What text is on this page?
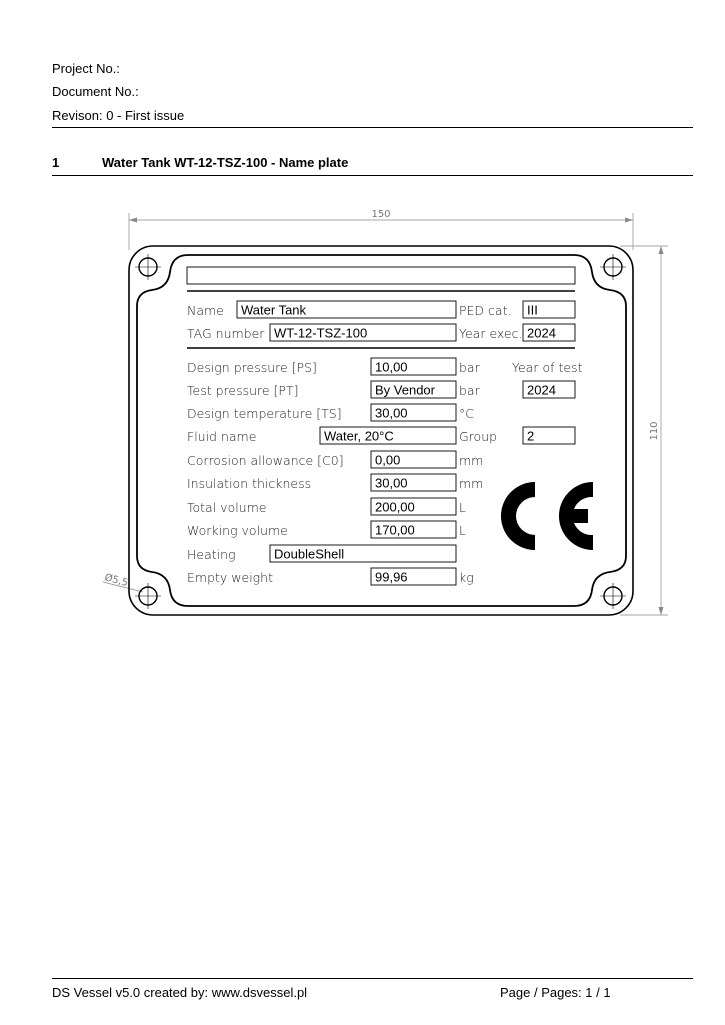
Project No.:
Document No.:
Revison: 0 - First issue
1	Water Tank WT-12-TSZ-100 - Name plate
150
110
Ø5,5
Name Water Tank	PED cat. III
TAG number WT-12-TSZ-100	Year exec. 2024
Design pressure [PS]	10,00	bar	Year of test
Test pressure [PT]	By Vendor bar	2024
Design temperature [TS]	30,00	°C
Fluid name	Water, 20°C	Group 2
Corrosion allowance [C0] 0,00	mm
Insulation thickness	30,00	mm
Total volume	200,00	L
Working volume	170,00	L
Heating	DoubleShell
Empty weight	99,96	kg
DS Vessel v5.0 created by: www.dsvessel.pl	Page / Pages: 1 / 1
